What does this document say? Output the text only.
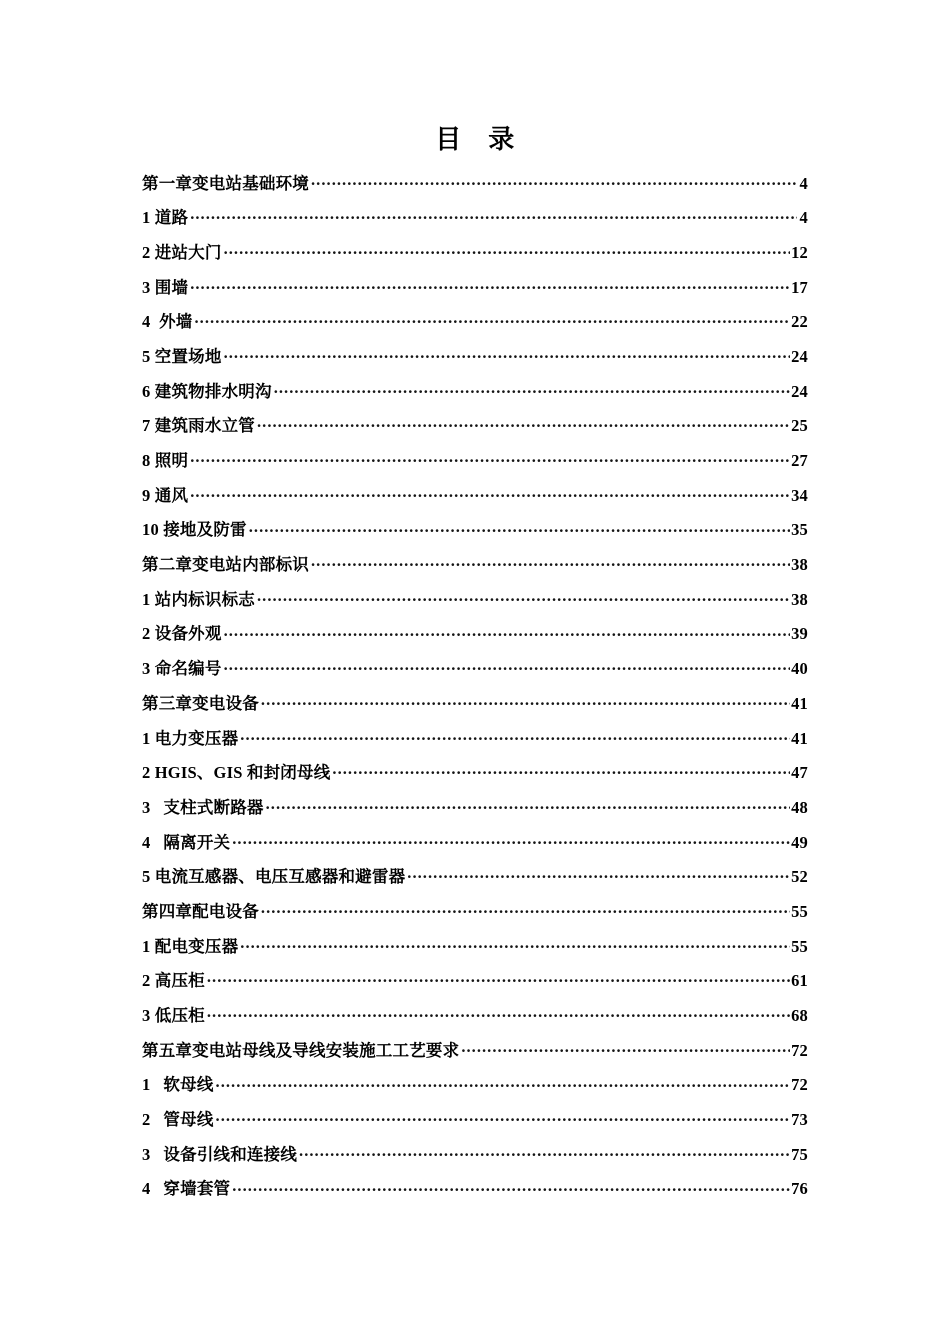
目　录
第一章变电站基础环境 .....	4
1 道路 .....	4
2 进站大门 .....	12
3 围墙 .....	17
4  外墙 .....	22
5 空置场地 .....	24
6 建筑物排水明沟 .....	24
7 建筑雨水立管 .....	25
8 照明 .....	27
9 通风 .....	34
10 接地及防雷 .....	35
第二章变电站内部标识 .....	38
1 站内标识标志 .....	38
2 设备外观 .....	39
3 命名编号 .....	40
第三章变电设备 .....	41
1 电力变压器 .....	41
2 HGIS、GIS 和封闭母线 .....	47
3   支柱式断路器 .....	48
4   隔离开关 .....	49
5 电流互感器、电压互感器和避雷器 .....	52
第四章配电设备 .....	55
1 配电变压器 .....	55
2 高压柜 .....	61
3 低压柜 .....	68
第五章变电站母线及导线安装施工工艺要求 .....	72
1   软母线 .....	72
2   管母线 .....	73
3   设备引线和连接线 .....	75
4   穿墙套管 .....	76
